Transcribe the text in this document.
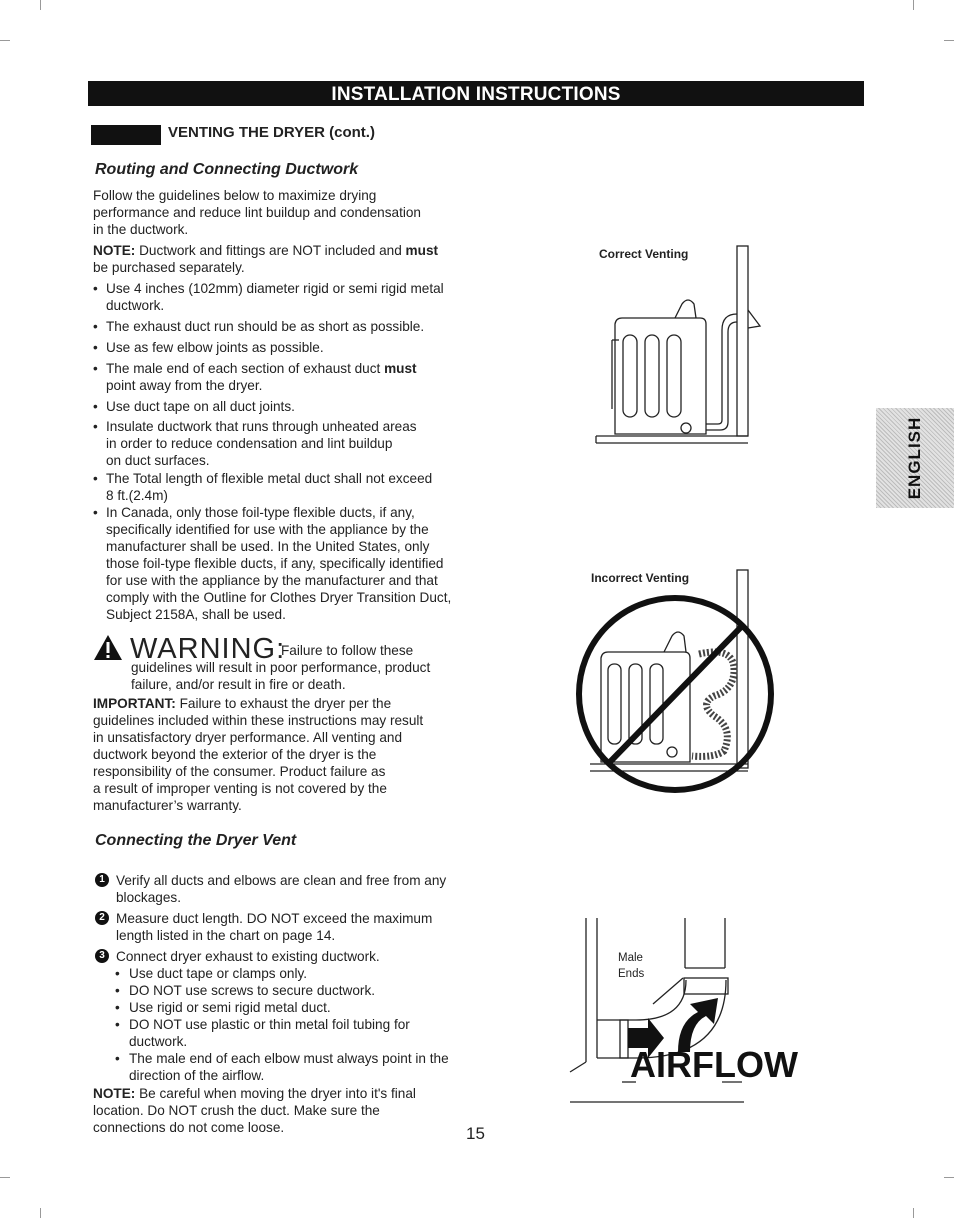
INSTALLATION INSTRUCTIONS
VENTING THE DRYER (cont.)
Routing and Connecting Ductwork
Follow the guidelines below to maximize drying
performance and reduce lint buildup and condensation
in the ductwork.
NOTE: Ductwork and fittings are NOT included and must
be purchased separately.
• Use 4 inches (102mm) diameter rigid or semi rigid metal
ductwork.
• The exhaust duct run should be as short as possible.
• Use as few elbow joints as possible.
• The male end of each section of exhaust duct must
point away from the dryer.
• Use duct tape on all duct joints.
• Insulate ductwork that runs through unheated areas
in order to reduce condensation and lint buildup
on duct surfaces.
• The Total length of flexible metal duct shall not exceed
8 ft.(2.4m)
• In Canada, only those foil-type flexible ducts, if any,
specifically identified for use with the appliance by the
manufacturer shall be used. In the United States, only
those foil-type flexible ducts, if any, specifically identified
for use with the appliance by the manufacturer and that
comply with the Outline for Clothes Dryer Transition Duct,
Subject 2158A, shall be used.
WARNING:
Failure to follow these
guidelines will result in poor performance, product
failure, and/or result in fire or death.
IMPORTANT: Failure to exhaust the dryer per the
guidelines included within these instructions may result
in unsatisfactory dryer performance. All venting and
ductwork beyond the exterior of the dryer is the
responsibility of the consumer. Product failure as
a result of improper venting is not covered by the
manufacturer’s warranty.
Connecting the Dryer Vent
1 Verify all ducts and elbows are clean and free from any
blockages.
2 Measure duct length. DO NOT exceed the maximum
length listed in the chart on page 14.
3 Connect dryer exhaust to existing ductwork.
• Use duct tape or clamps only.
• DO NOT use screws to secure ductwork.
• Use rigid or semi rigid metal duct.
• DO NOT use plastic or thin metal foil tubing for
ductwork.
• The male end of each elbow must always point in the
direction of the airflow.
NOTE: Be careful when moving the dryer into it's final
location. Do NOT crush the duct. Make sure the
connections do not come loose.	15
ENGLISH
Correct Venting
Incorrect Venting
Male
Ends
AIRFLOW
